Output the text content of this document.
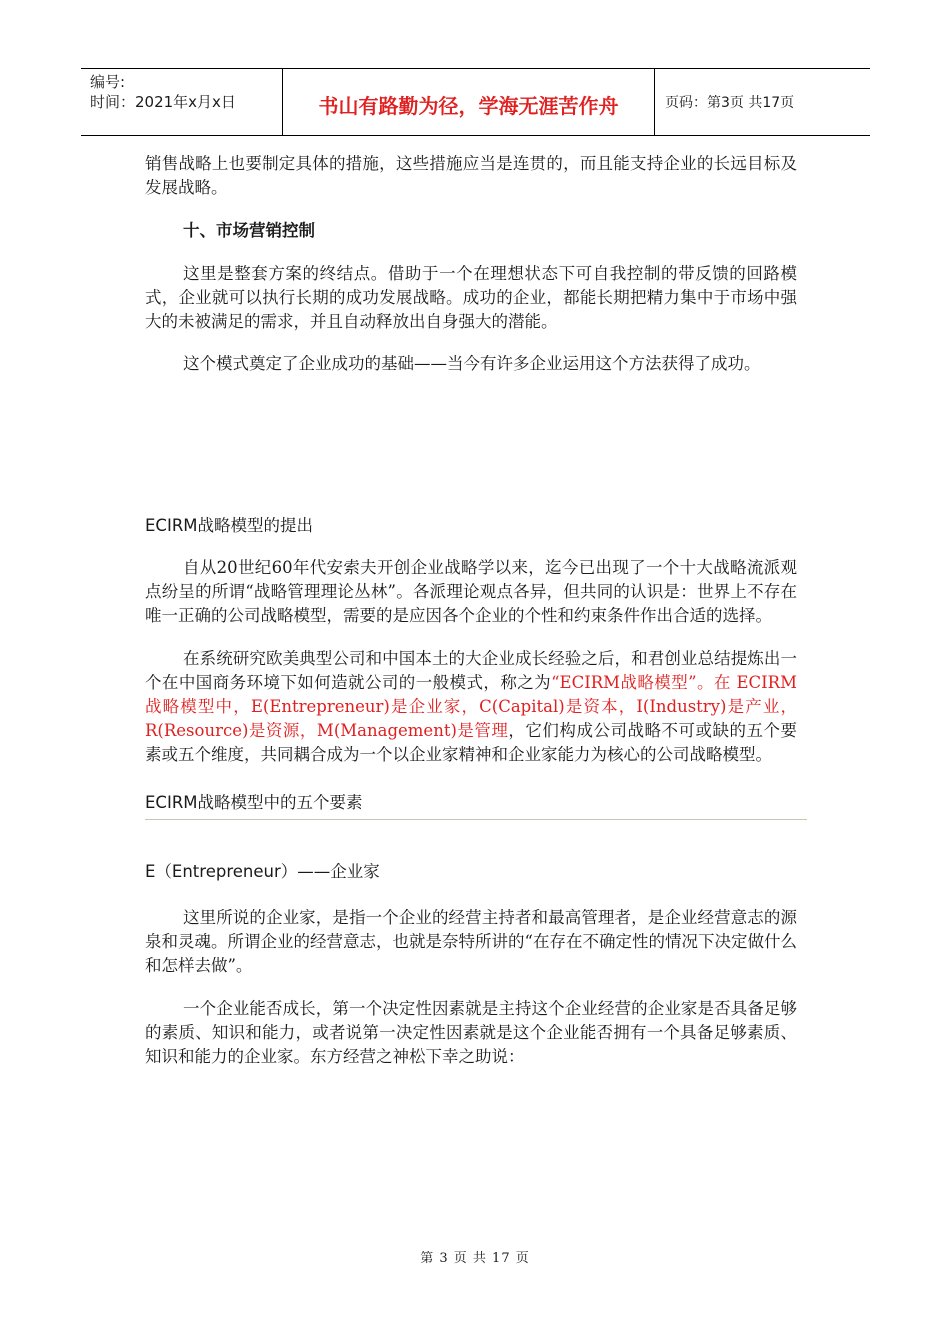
编号:
时间：2021年x月x日	书山有路勤为径，学海无涯苦作舟	页码：第3页 共17页

销售战略上也要制定具体的措施，这些措施应当是连贯的，而且能支持企业的长远目标及发展战略。

十、市场营销控制

这里是整套方案的终结点。借助于一个在理想状态下可自我控制的带反馈的回路模式，企业就可以执行长期的成功发展战略。成功的企业，都能长期把精力集中于市场中强大的未被满足的需求，并且自动释放出自身强大的潜能。

这个模式奠定了企业成功的基础——当今有许多企业运用这个方法获得了成功。

ECIRM战略模型的提出

自从20世纪60年代安索夫开创企业战略学以来，迄今已出现了一个十大战略流派观点纷呈的所谓“战略管理理论丛林”。各派理论观点各异，但共同的认识是：世界上不存在唯一正确的公司战略模型，需要的是应因各个企业的个性和约束条件作出合适的选择。

在系统研究欧美典型公司和中国本土的大企业成长经验之后，和君创业总结提炼出一个在中国商务环境下如何造就公司的一般模式，称之为“ECIRM战略模型”。在 ECIRM战略模型中，E(Entrepreneur)是企业家，C(Capital)是资本，I(Industry)是产业，R(Resource)是资源，M(Management)是管理，它们构成公司战略不可或缺的五个要素或五个维度，共同耦合成为一个以企业家精神和企业家能力为核心的公司战略模型。

ECIRM战略模型中的五个要素
E（Entrepreneur）——企业家

这里所说的企业家，是指一个企业的经营主持者和最高管理者，是企业经营意志的源泉和灵魂。所谓企业的经营意志，也就是奈特所讲的“在存在不确定性的情况下决定做什么和怎样去做”。

一个企业能否成长，第一个决定性因素就是主持这个企业经营的企业家是否具备足够的素质、知识和能力，或者说第一决定性因素就是这个企业能否拥有一个具备足够素质、知识和能力的企业家。东方经营之神松下幸之助说：

第 3 页 共 17 页
